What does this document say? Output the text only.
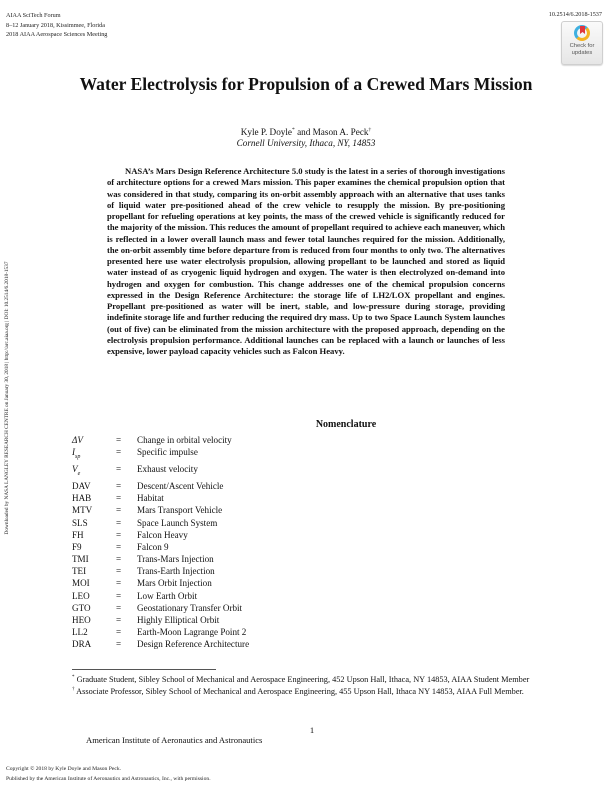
AIAA SciTech Forum
8–12 January 2018, Kissimmee, Florida
2018 AIAA Aerospace Sciences Meeting
10.2514/6.2018-1537
Check for
updates
Downloaded by NASA LANGLEY RESEARCH CENTRE on January 30, 2018 | http://arc.aiaa.org | DOI: 10.2514/6.2018-1537
Water Electrolysis for Propulsion of a Crewed Mars Mission
Kyle P. Doyle* and Mason A. Peck†
Cornell University, Ithaca, NY, 14853
NASA’s Mars Design Reference Architecture 5.0 study is the latest in a series of thorough investigations of architecture options for a crewed Mars mission. This paper examines the chemical propulsion option that was considered in that study, comparing its on-orbit assembly approach with an alternative that uses tanks of liquid water pre-positioned ahead of the crew vehicle to resupply the mission. By pre-positioning propellant for refueling operations at key points, the mass of the crewed vehicle is significantly reduced for the majority of the mission. This reduces the amount of propellant required to achieve each maneuver, which is reflected in a lower overall launch mass and fewer total launches required for the mission. Additionally, the on-orbit assembly time before departure from is reduced from four months to only two. The alternatives presented here use water electrolysis propulsion, allowing propellant to be launched and stored as liquid water instead of as cryogenic liquid hydrogen and oxygen. The water is then electrolyzed on-demand into hydrogen and oxygen for combustion. This change addresses one of the chemical propulsion concerns expressed in the Design Reference Architecture: the storage life of LH2/LOX propellant and engines. Propellant pre-positioned as water will be inert, stable, and low-pressure during storage, providing indefinite storage life and further reducing the required dry mass. Up to two Space Launch System launches (out of five) can be eliminated from the mission architecture with the proposed approach, depending on the electrolysis propulsion performance. Additional launches can be replaced with a launch or launches of less expensive, lower payload capacity vehicles such as Falcon Heavy.
Nomenclature
ΔV	=	Change in orbital velocity
$I_{sp}$	=	Specific impulse
$V_e$	=	Exhaust velocity
DAV	=	Descent/Ascent Vehicle
HAB	=	Habitat
MTV	=	Mars Transport Vehicle
SLS	=	Space Launch System
FH	=	Falcon Heavy
F9	=	Falcon 9
TMI	=	Trans-Mars Injection
TEI	=	Trans-Earth Injection
MOI	=	Mars Orbit Injection
LEO	=	Low Earth Orbit
GTO	=	Geostationary Transfer Orbit
HEO	=	Highly Elliptical Orbit
LL2	=	Earth-Moon Lagrange Point 2
DRA	=	Design Reference Architecture
* Graduate Student, Sibley School of Mechanical and Aerospace Engineering, 452 Upson Hall, Ithaca, NY 14853, AIAA Student Member
† Associate Professor, Sibley School of Mechanical and Aerospace Engineering, 455 Upson Hall, Ithaca NY 14853, AIAA Full Member.
1
American Institute of Aeronautics and Astronautics
Copyright © 2018 by Kyle Doyle and Mason Peck.
Published by the American Institute of Aeronautics and Astronautics, Inc., with permission.
